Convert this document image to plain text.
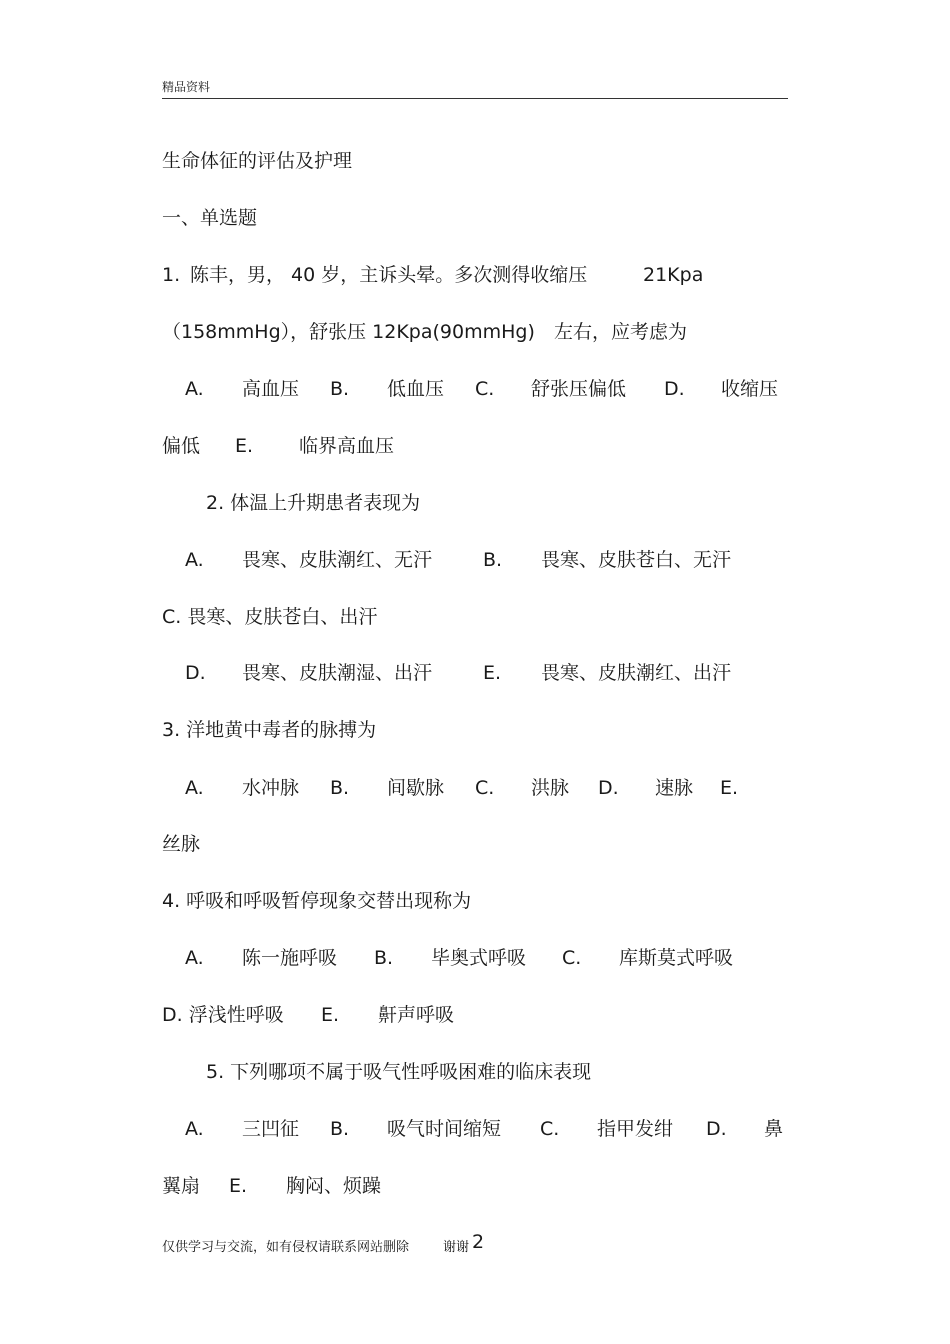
精品资料
生命体征的评估及护理
一、单选题
1. 陈丰，男， 40 岁，主诉头晕。多次测得收缩压	21Kpa
（158mmHg），舒张压 12Kpa(90mmHg) 左右，应考虑为
A. 高血压 B. 低血压 C. 舒张压偏低 D. 收缩压
偏低 E. 临界高血压
2. 体温上升期患者表现为
A. 畏寒、皮肤潮红、无汗	B. 畏寒、皮肤苍白、无汗
C. 畏寒、皮肤苍白、出汗
D. 畏寒、皮肤潮湿、出汗	E. 畏寒、皮肤潮红、出汗
3. 洋地黄中毒者的脉搏为
A. 水冲脉 B. 间歇脉 C. 洪脉 D. 速脉 E.
丝脉
4. 呼吸和呼吸暂停现象交替出现称为
A. 陈一施呼吸 B. 毕奥式呼吸 C. 库斯莫式呼吸
D. 浮浅性呼吸 E. 鼾声呼吸
5. 下列哪项不属于吸气性呼吸困难的临床表现
A. 三凹征 B. 吸气时间缩短 C. 指甲发绀 D. 鼻
翼扇 E. 胸闷、烦躁
仅供学习与交流，如有侵权请联系网站删除	谢谢 2
